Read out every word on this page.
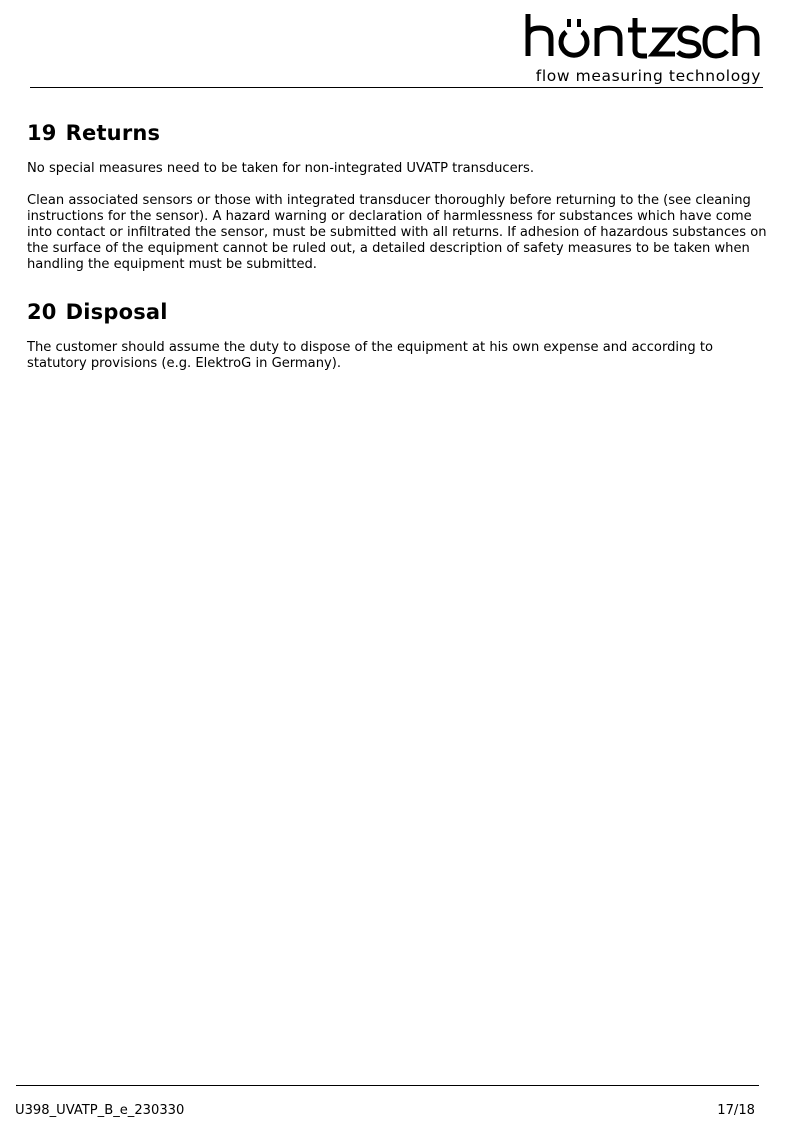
flow measuring technology
19 Returns

No special measures need to be taken for non-integrated UVATP transducers.

Clean associated sensors or those with integrated transducer thoroughly before returning to the (see cleaning instructions for the sensor). A hazard warning or declaration of harmlessness for substances which have come into contact or infiltrated the sensor, must be submitted with all returns. If adhesion of hazardous substances on the surface of the equipment cannot be ruled out, a detailed description of safety measures to be taken when handling the equipment must be submitted.

20 Disposal

The customer should assume the duty to dispose of the equipment at his own expense and according to statutory provisions (e.g. ElektroG in Germany).

U398_UVATP_B_e_230330	17/18
